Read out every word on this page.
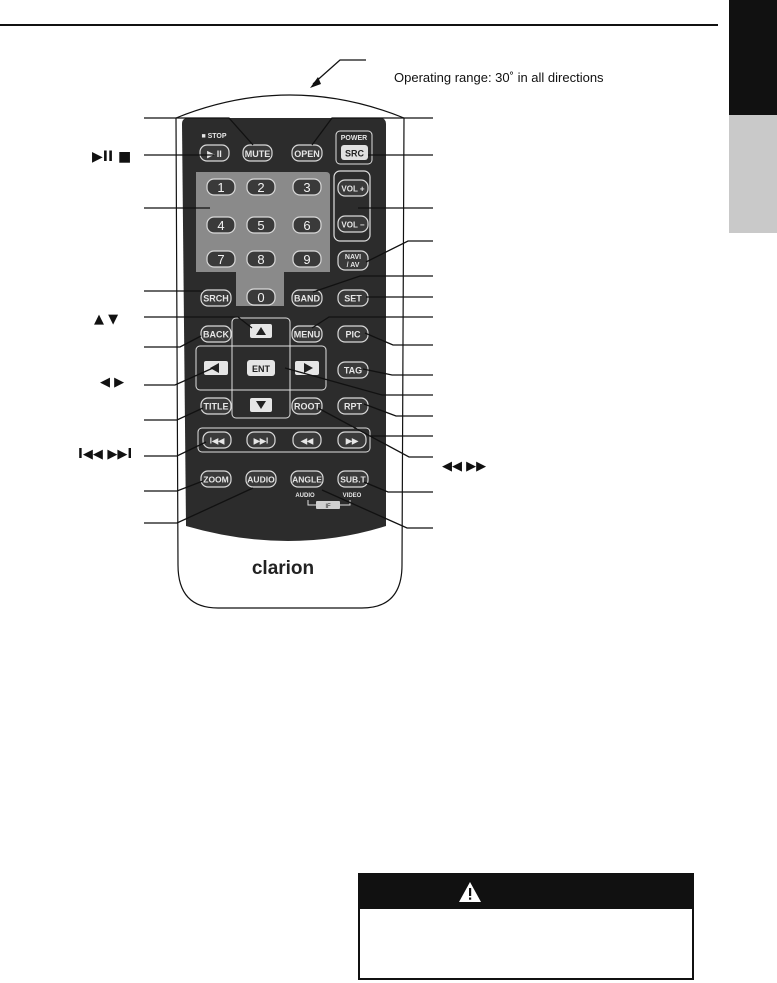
clarion
Operating range: 30˚ in all directions
POWER
■ STOP
MUTE	OPEN	SRC
▶ II
1	2	3
4	5	6
7	8	9
0
VOL +
VOL −
NAVI
/ AV
SRCH	BAND	SET
ENT
BACK	MENU	PIC
TAG
TITLE	ROOT	RPT
I◀◀	▶▶I	◀◀	▶▶
ZOOM AUDIO ANGLE SUB.T
AUDIO	VIDEO
IF
▶II ■
▲ ▼
◀ ▶
I◀◀ ▶▶I
◀◀ ▶▶
